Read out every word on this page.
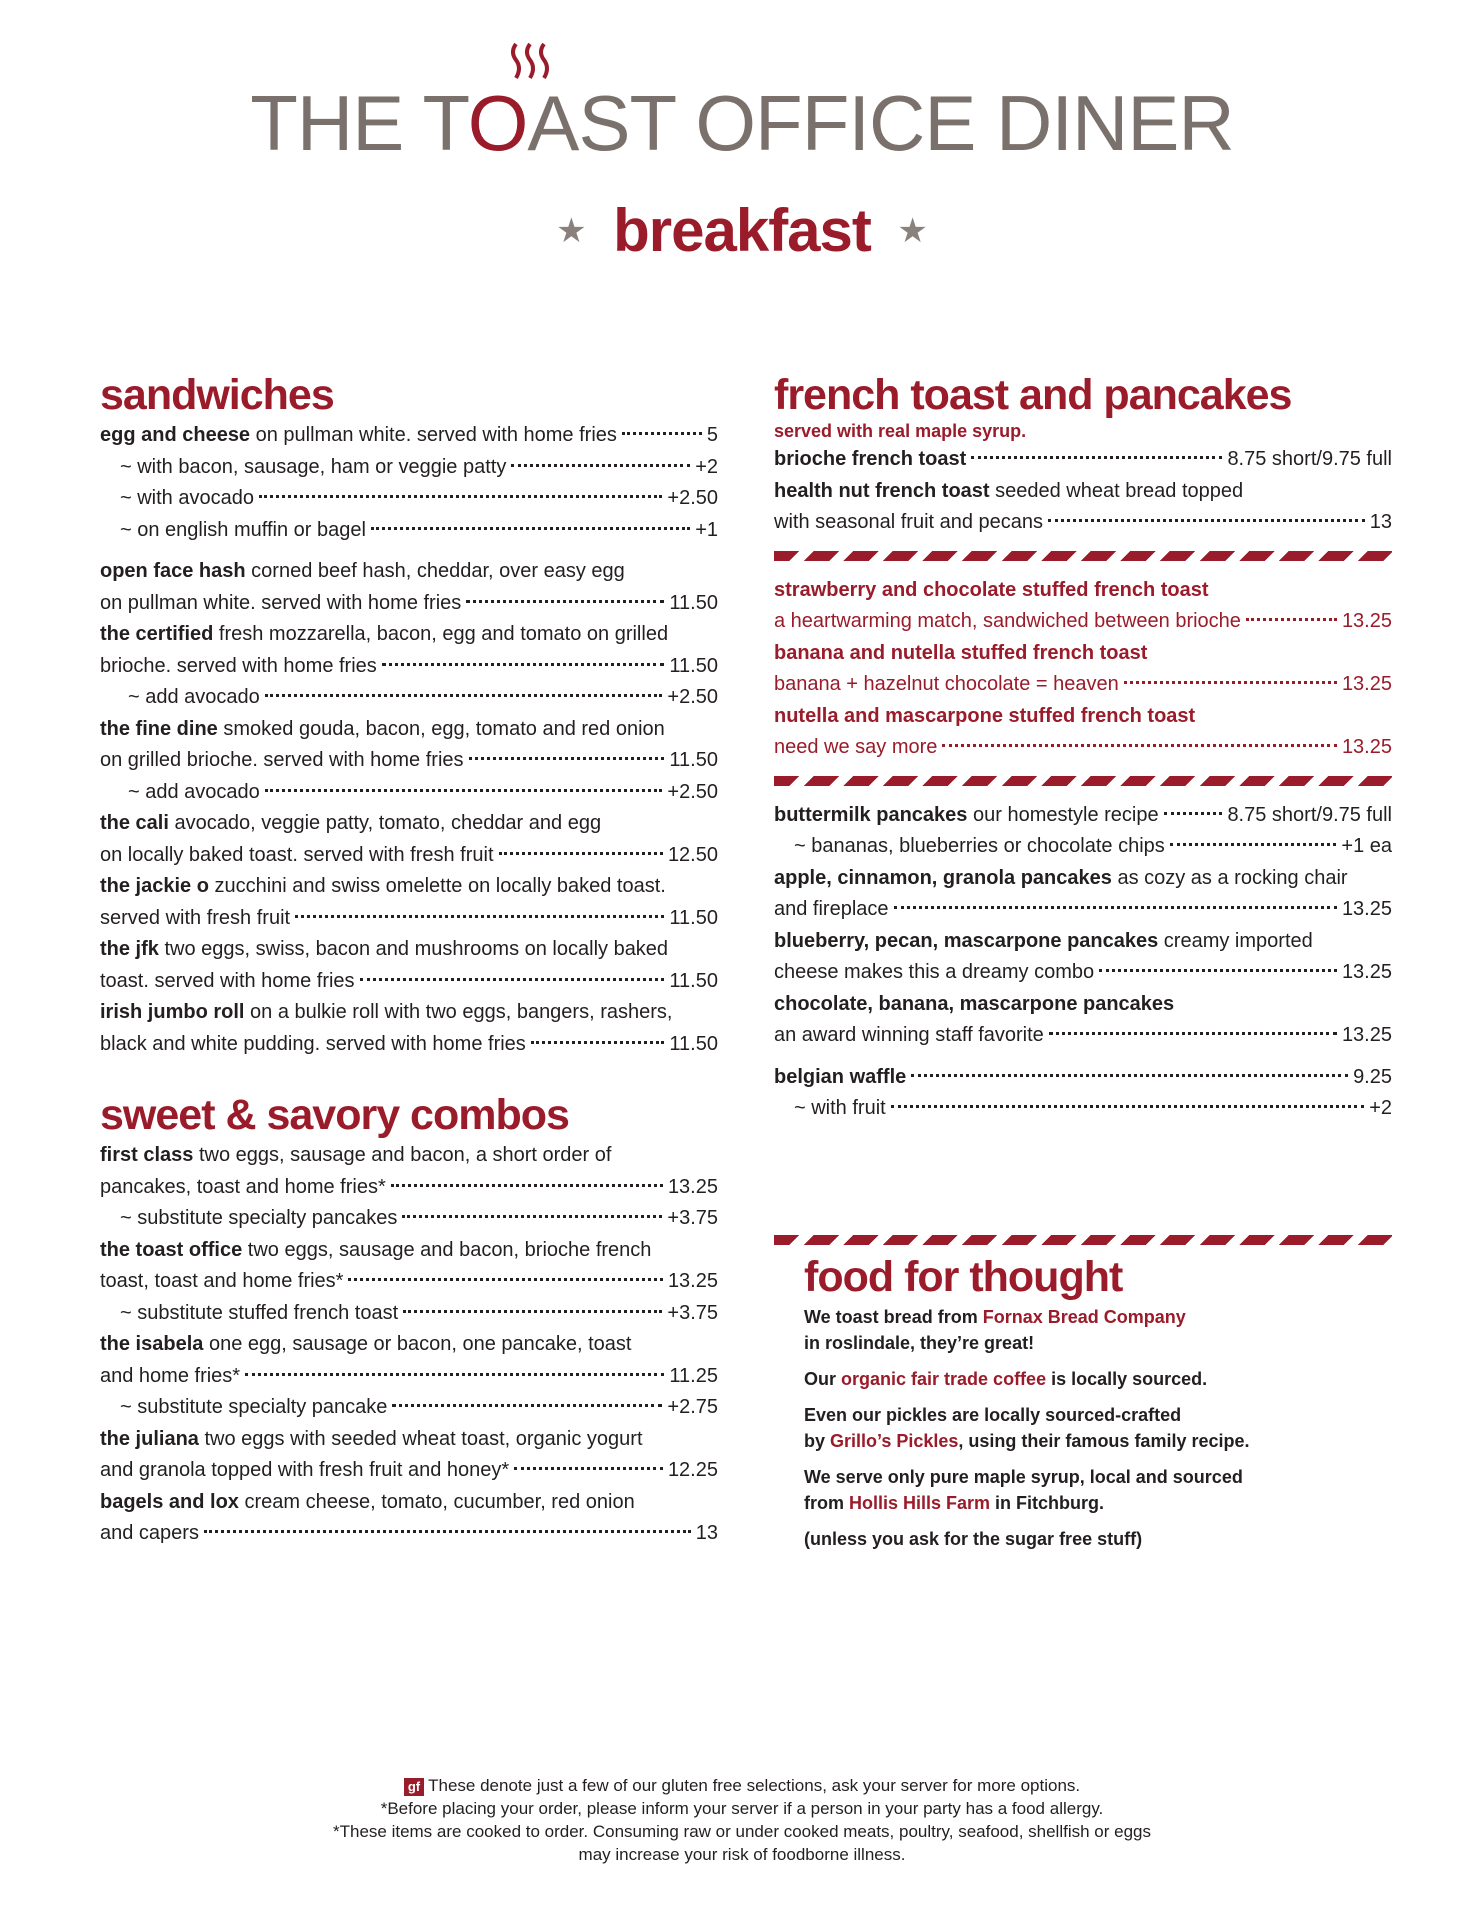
THE TOAST OFFICE DINER
★ breakfast ★
sandwiches
egg and cheese on pullman white. served with home fries	5
~ with bacon, sausage, ham or veggie patty	+2
~ with avocado	+2.50
~ on english muffin or bagel	+1
open face hash corned beef hash, cheddar, over easy egg
on pullman white. served with home fries	11.50
the certified fresh mozzarella, bacon, egg and tomato on grilled
brioche. served with home fries	11.50
~ add avocado	+2.50
the fine dine smoked gouda, bacon, egg, tomato and red onion
on grilled brioche. served with home fries	11.50
~ add avocado	+2.50
the cali avocado, veggie patty, tomato, cheddar and egg
on locally baked toast. served with fresh fruit	12.50
the jackie o zucchini and swiss omelette on locally baked toast.
served with fresh fruit	11.50
the jfk two eggs, swiss, bacon and mushrooms on locally baked
toast. served with home fries	11.50
irish jumbo roll on a bulkie roll with two eggs, bangers, rashers,
black and white pudding. served with home fries	11.50
sweet & savory combos
first class two eggs, sausage and bacon, a short order of
pancakes, toast and home fries*	13.25
~ substitute specialty pancakes	+3.75
the toast office two eggs, sausage and bacon, brioche french
toast, toast and home fries*	13.25
~ substitute stuffed french toast	+3.75
the isabela one egg, sausage or bacon, one pancake, toast
and home fries*	11.25
~ substitute specialty pancake	+2.75
the juliana two eggs with seeded wheat toast, organic yogurt
and granola topped with fresh fruit and honey*	12.25
bagels and lox cream cheese, tomato, cucumber, red onion
and capers	13
french toast and pancakes
served with real maple syrup.
brioche french toast	8.75 short/9.75 full
health nut french toast seeded wheat bread topped
with seasonal fruit and pecans	13
strawberry and chocolate stuffed french toast
a heartwarming match, sandwiched between brioche	13.25
banana and nutella stuffed french toast
banana + hazelnut chocolate = heaven	13.25
nutella and mascarpone stuffed french toast
need we say more	13.25
buttermilk pancakes our homestyle recipe	8.75 short/9.75 full
~ bananas, blueberries or chocolate chips	+1 ea
apple, cinnamon, granola pancakes as cozy as a rocking chair
and fireplace	13.25
blueberry, pecan, mascarpone pancakes creamy imported
cheese makes this a dreamy combo	13.25
chocolate, banana, mascarpone pancakes
an award winning staff favorite	13.25
belgian waffle	9.25
~ with fruit	+2
food for thought

We toast bread from Fornax Bread Company
in roslindale, they’re great!

Our organic fair trade coffee is locally sourced.

Even our pickles are locally sourced-crafted
by Grillo’s Pickles, using their famous family recipe.

We serve only pure maple syrup, local and sourced
from Hollis Hills Farm in Fitchburg.

(unless you ask for the sugar free stuff)

gf These denote just a few of our gluten free selections, ask your server for more options.
*Before placing your order, please inform your server if a person in your party has a food allergy.
*These items are cooked to order. Consuming raw or under cooked meats, poultry, seafood, shellfish or eggs
may increase your risk of foodborne illness.
